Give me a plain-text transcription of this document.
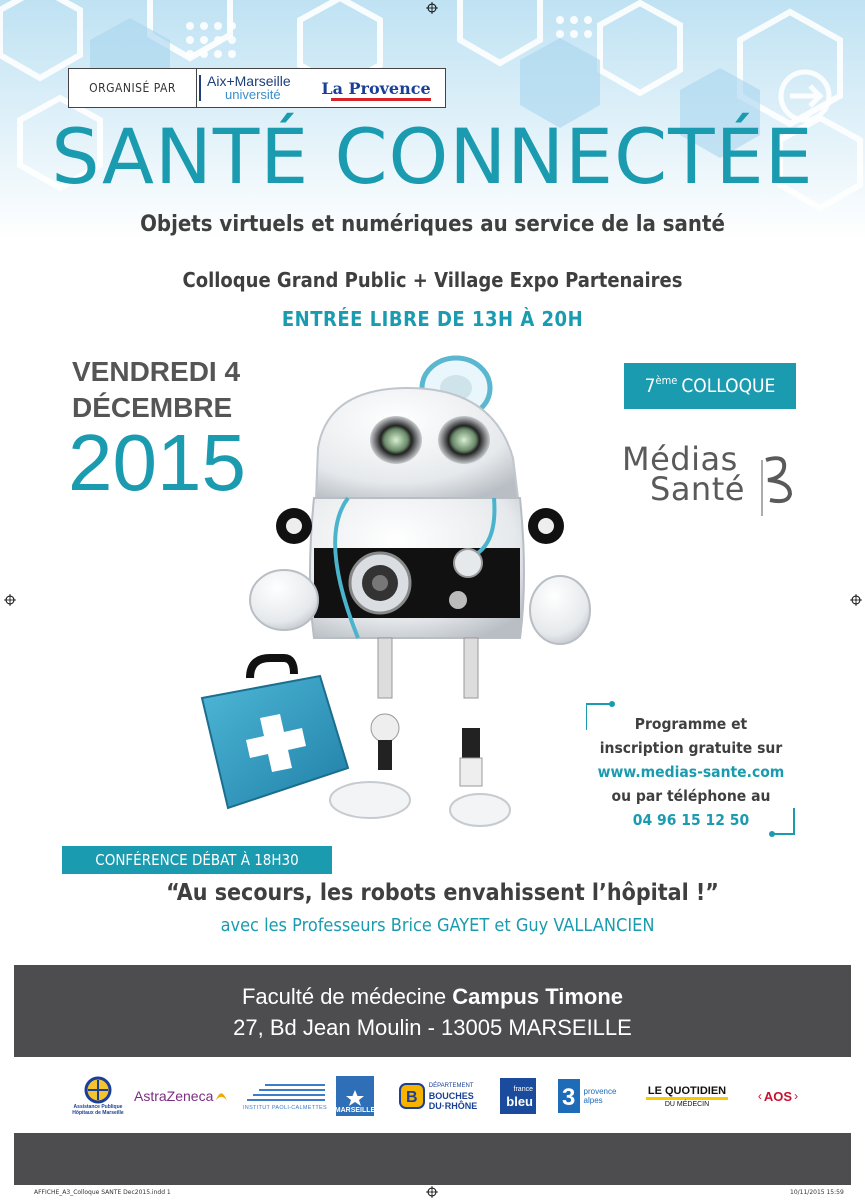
ORGANISÉ PAR	Aix+Marseille
université	La Provence
SANTÉ CONNECTÉE
Objets virtuels et numériques au service de la santé
Colloque Grand Public + Village Expo Partenaires
ENTRÉE LIBRE DE 13H À 20H
VENDREDI 4
DÉCEMBRE
2015
7ème COLLOQUE
Médias
Santé
Programme et
inscription gratuite sur
www.medias-sante.com
ou par téléphone au
04 96 15 12 50
CONFÉRENCE DÉBAT À 18H30
“Au secours, les robots envahissent l’hôpital !”
avec les Professeurs Brice GAYET et Guy VALLANCIEN
Faculté de médecine Campus Timone
27, Bd Jean Moulin - 13005 MARSEILLE
Assistance Publique
Hôpitaux de Marseille
AstraZeneca
INSTITUT PAOLI-CALMETTES MARSEILLE
B
DÉPARTEMENT
BOUCHES
DU·RHÔNE
france
bleu 3 provence
alpes
LE QUOTIDIEN
DU MÉDECIN
‹ AOS ›
AFFICHE_A3_Colloque SANTE Dec2015.indd 1	10/11/2015 15:59
